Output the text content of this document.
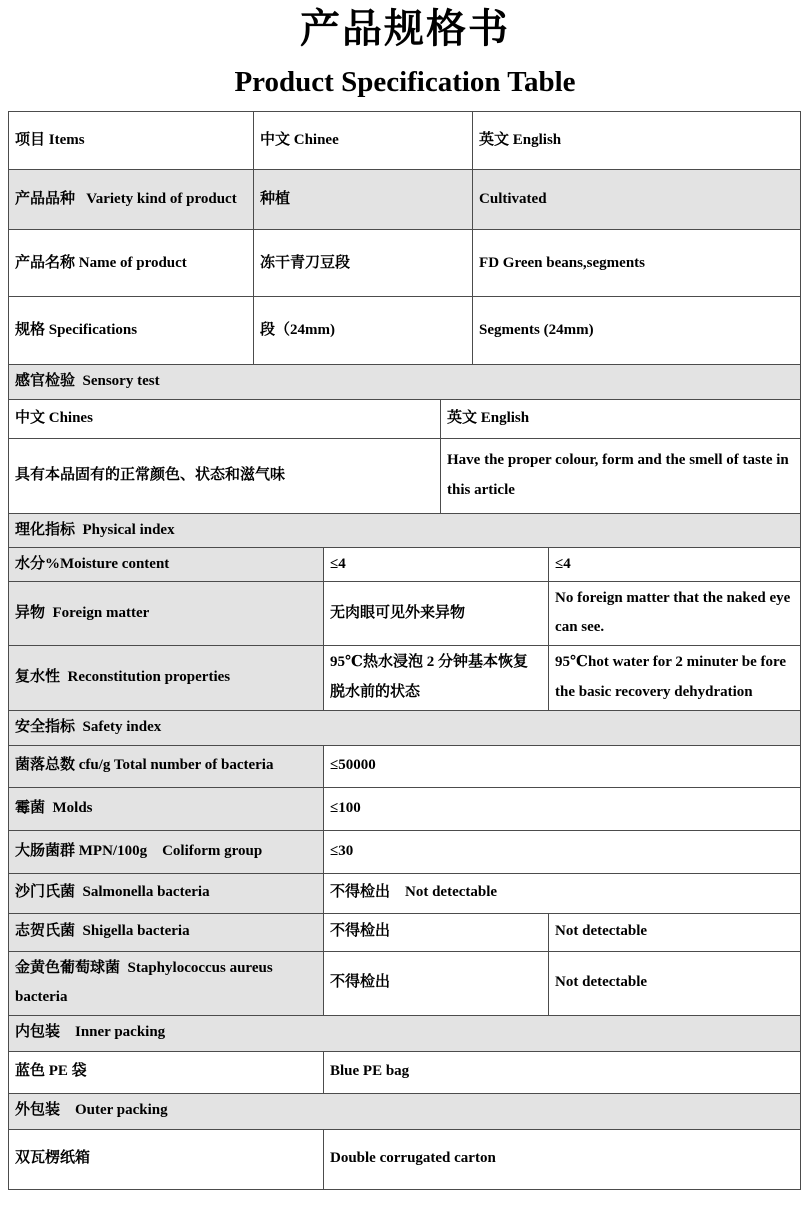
产品规格书
Product Specification Table
项目 Items	中文 Chinee			英文 English	
产品品种   Variety kind of product	种植			Cultivated	
产品名称 Name of product	冻干青刀豆段			FD Green beans,segments	
规格 Specifications	段（24mm)			Segments (24mm)	
感官检验  Sensory test					
中文 Chines			英文 English		
具有本品固有的正常颜色、状态和滋气味			Have the proper colour, form and the smell of taste in this article		
理化指标  Physical index					
水分%Moisture content		≤4			≤4
异物  Foreign matter		无肉眼可见外来异物			No foreign matter that the naked eye can see.
复水性  Reconstitution properties		95℃热水浸泡 2 分钟基本恢复脱水前的状态			95℃hot water for 2 minuter be fore the basic recovery dehydration
安全指标  Safety index					
菌落总数 cfu/g Total number of bacteria		≤50000			
霉菌  Molds		≤100			
大肠菌群 MPN/100g    Coliform group		≤30			
沙门氏菌  Salmonella bacteria		不得检出    Not detectable			
志贺氏菌  Shigella bacteria		不得检出			Not detectable
金黄色葡萄球菌  Staphylococcus aureus bacteria		不得检出			Not detectable
内包装    Inner packing					
蓝色 PE 袋		Blue PE bag			
外包装    Outer packing					
双瓦楞纸箱		Double corrugated carton			
